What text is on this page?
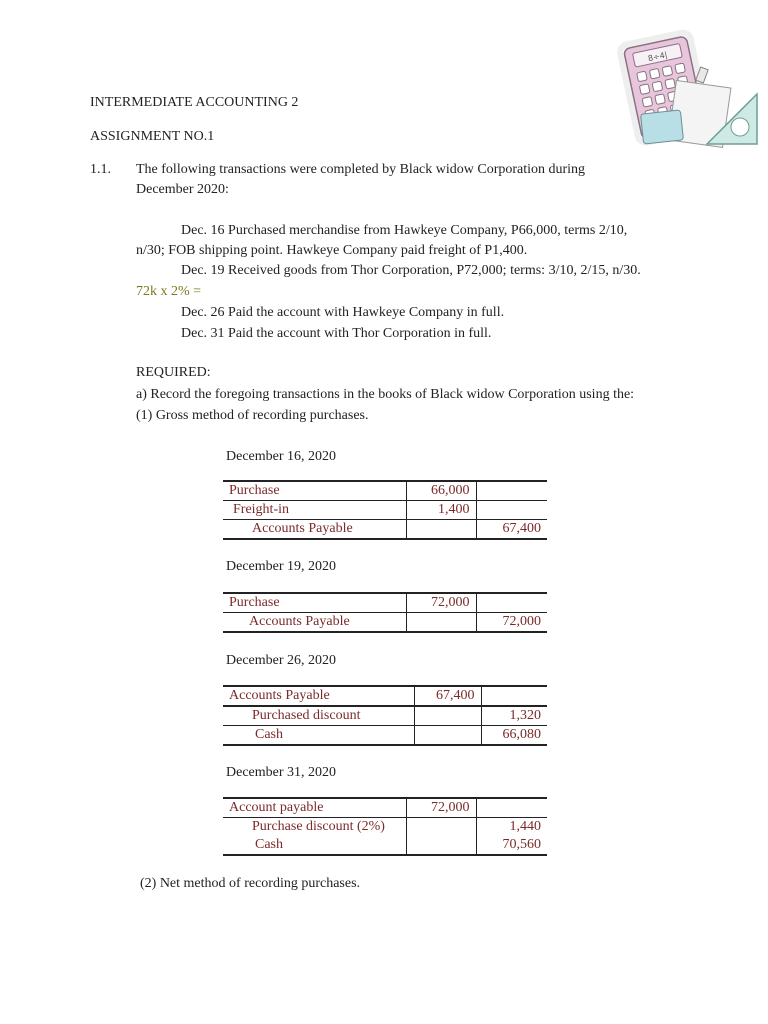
8÷4|
INTERMEDIATE ACCOUNTING 2
ASSIGNMENT NO.1
1.1. The following transactions were completed by Black widow Corporation during
December 2020:
Dec. 16 Purchased merchandise from Hawkeye Company, P66,000, terms 2/10,
n/30; FOB shipping point. Hawkeye Company paid freight of P1,400.
Dec. 19 Received goods from Thor Corporation, P72,000; terms: 3/10, 2/15, n/30.
72k x 2% =
Dec. 26 Paid the account with Hawkeye Company in full.
Dec. 31 Paid the account with Thor Corporation in full.
REQUIRED:
a) Record the foregoing transactions in the books of Black widow Corporation using the:
(1) Gross method of recording purchases.
December 16, 2020
Purchase	66,000	
Freight-in	1,400	
Accounts Payable		67,400
December 19, 2020
Purchase	72,000	
Accounts Payable		72,000
December 26, 2020
Accounts Payable	67,400	
Purchased discount		1,320
Cash		66,080
December 31, 2020
Account payable	72,000	
Purchase discount (2%)		1,440
Cash		70,560
(2) Net method of recording purchases.
